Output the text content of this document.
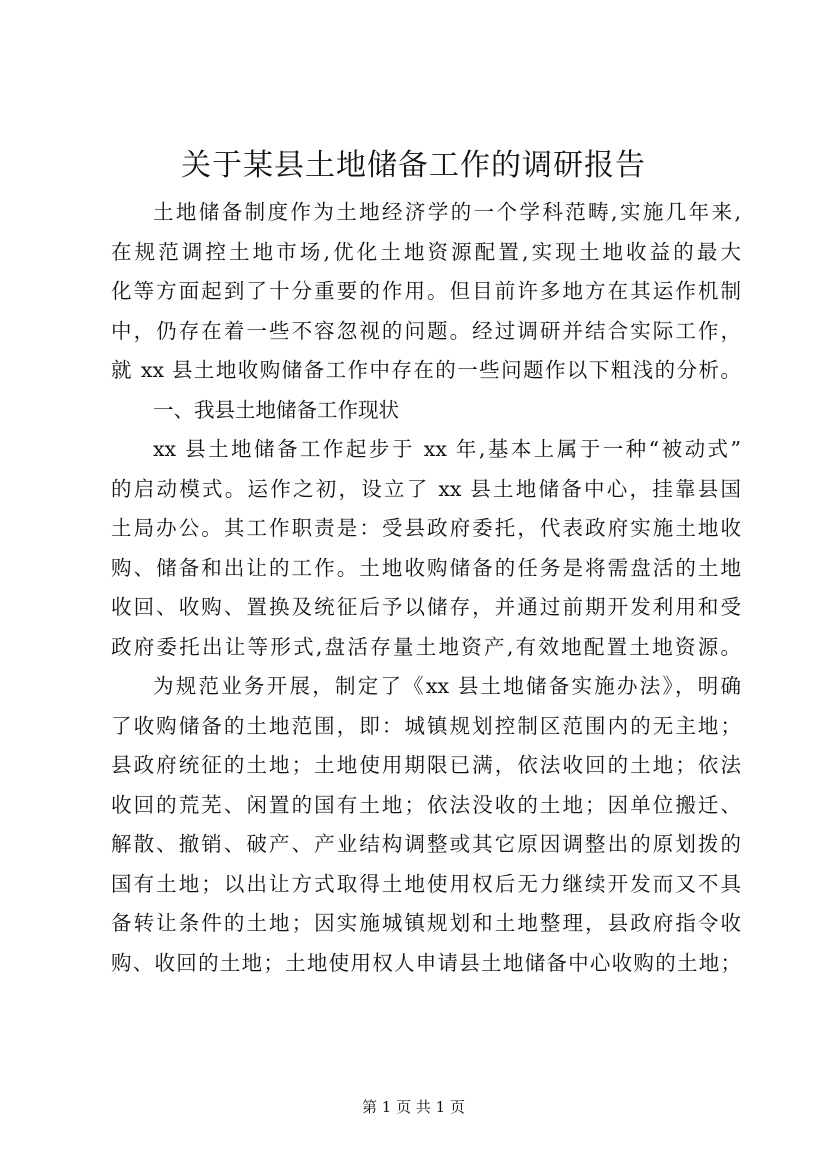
关于某县土地储备工作的调研报告
土地储备制度作为土地经济学的一个学科范畴,实施几年来,
在规范调控土地市场,优化土地资源配置,实现土地收益的最大
化等方面起到了十分重要的作用。但目前许多地方在其运作机制
中，仍存在着一些不容忽视的问题。经过调研并结合实际工作，
就 xx 县土地收购储备工作中存在的一些问题作以下粗浅的分析。
一、我县土地储备工作现状
xx 县土地储备工作起步于 xx 年,基本上属于一种“被动式”
的启动模式。运作之初，设立了 xx 县土地储备中心，挂靠县国
土局办公。其工作职责是：受县政府委托，代表政府实施土地收
购、储备和出让的工作。土地收购储备的任务是将需盘活的土地
收回、收购、置换及统征后予以储存，并通过前期开发利用和受
政府委托出让等形式,盘活存量土地资产,有效地配置土地资源。
为规范业务开展，制定了《xx 县土地储备实施办法》，明确
了收购储备的土地范围，即：城镇规划控制区范围内的无主地；
县政府统征的土地；土地使用期限已满，依法收回的土地；依法
收回的荒芜、闲置的国有土地；依法没收的土地；因单位搬迁、
解散、撤销、破产、产业结构调整或其它原因调整出的原划拨的
国有土地；以出让方式取得土地使用权后无力继续开发而又不具
备转让条件的土地；因实施城镇规划和土地整理，县政府指令收
购、收回的土地；土地使用权人申请县土地储备中心收购的土地；
第 1 页 共 1 页
